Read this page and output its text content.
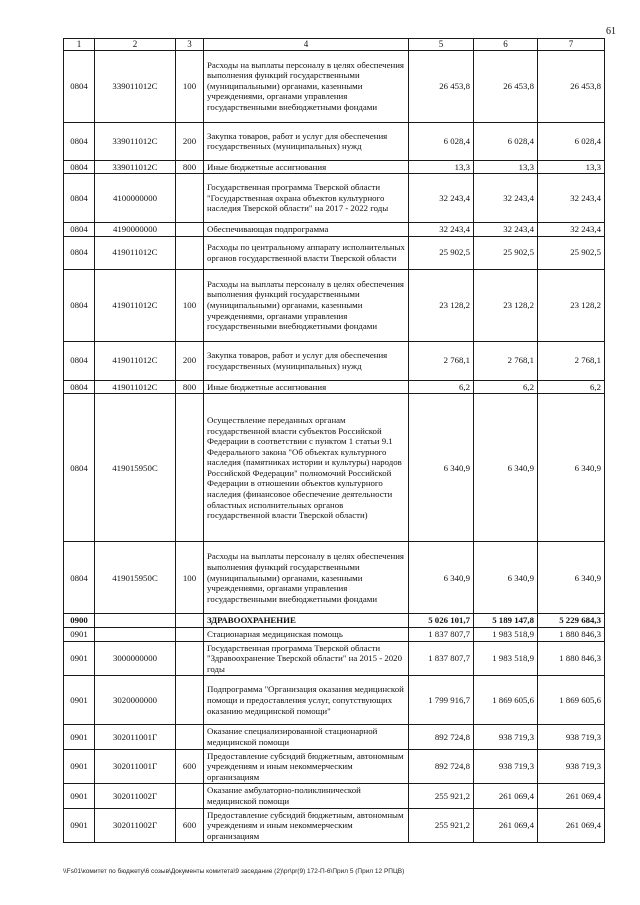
61
1	2	3	4	5	6	7
0804	339011012С	100	Расходы на выплаты персоналу в целях обеспечения выполнения функций государственными (муниципальными) органами, казенными учреждениями, органами управления государственными внебюджетными фондами	26 453,8	26 453,8	26 453,8
0804	339011012С	200	Закупка товаров, работ и услуг для обеспечения государственных (муниципальных) нужд	6 028,4	6 028,4	6 028,4
0804	339011012С	800	Иные бюджетные ассигнования	13,3	13,3	13,3
0804	4100000000		Государственная программа Тверской области "Государственная охрана объектов культурного наследия Тверской области" на 2017 - 2022 годы	32 243,4	32 243,4	32 243,4
0804	4190000000		Обеспечивающая подпрограмма	32 243,4	32 243,4	32 243,4
0804	419011012С		Расходы по центральному аппарату исполнительных органов государственной власти Тверской области	25 902,5	25 902,5	25 902,5
0804	419011012С	100	Расходы на выплаты персоналу в целях обеспечения выполнения функций государственными (муниципальными) органами, казенными учреждениями, органами управления государственными внебюджетными фондами	23 128,2	23 128,2	23 128,2
0804	419011012С	200	Закупка товаров, работ и услуг для обеспечения государственных (муниципальных) нужд	2 768,1	2 768,1	2 768,1
0804	419011012С	800	Иные бюджетные ассигнования	6,2	6,2	6,2
0804	419015950С		Осуществление переданных органам государственной власти субъектов Российской Федерации в соответствии с пунктом 1 статьи 9.1 Федерального закона "Об объектах культурного наследия (памятниках истории и культуры) народов Российской Федерации" полномочий Российской Федерации в отношении объектов культурного наследия (финансовое обеспечение деятельности областных исполнительных органов государственной власти Тверской области)	6 340,9	6 340,9	6 340,9
0804	419015950С	100	Расходы на выплаты персоналу в целях обеспечения выполнения функций государственными (муниципальными) органами, казенными учреждениями, органами управления государственными внебюджетными фондами	6 340,9	6 340,9	6 340,9
0900			ЗДРАВООХРАНЕНИЕ	5 026 101,7	5 189 147,8	5 229 684,3
0901			Стационарная медицинская помощь	1 837 807,7	1 983 518,9	1 880 846,3
0901	3000000000		Государственная программа Тверской области "Здравоохранение Тверской области" на 2015 - 2020 годы	1 837 807,7	1 983 518,9	1 880 846,3
0901	3020000000		Подпрограмма "Организация оказания медицинской помощи и предоставления услуг, сопутствующих оказанию медицинской помощи"	1 799 916,7	1 869 605,6	1 869 605,6
0901	302011001Г		Оказание специализированной стационарной медицинской помощи	892 724,8	938 719,3	938 719,3
0901	302011001Г	600	Предоставление субсидий бюджетным, автономным учреждениям и иным некоммерческим организациям	892 724,8	938 719,3	938 719,3
0901	302011002Г		Оказание амбулаторно-поликлинической медицинской помощи	255 921,2	261 069,4	261 069,4
0901	302011002Г	600	Предоставление субсидий бюджетным, автономным учреждениям и иным некоммерческим организациям	255 921,2	261 069,4	261 069,4
\\Fs01\комитет по бюджету\6 созыв\Документы комитета\9 заседание (2)\pr\pr(9) 172-П-6\Прил 5 (Прил 12 РПЦВ)
